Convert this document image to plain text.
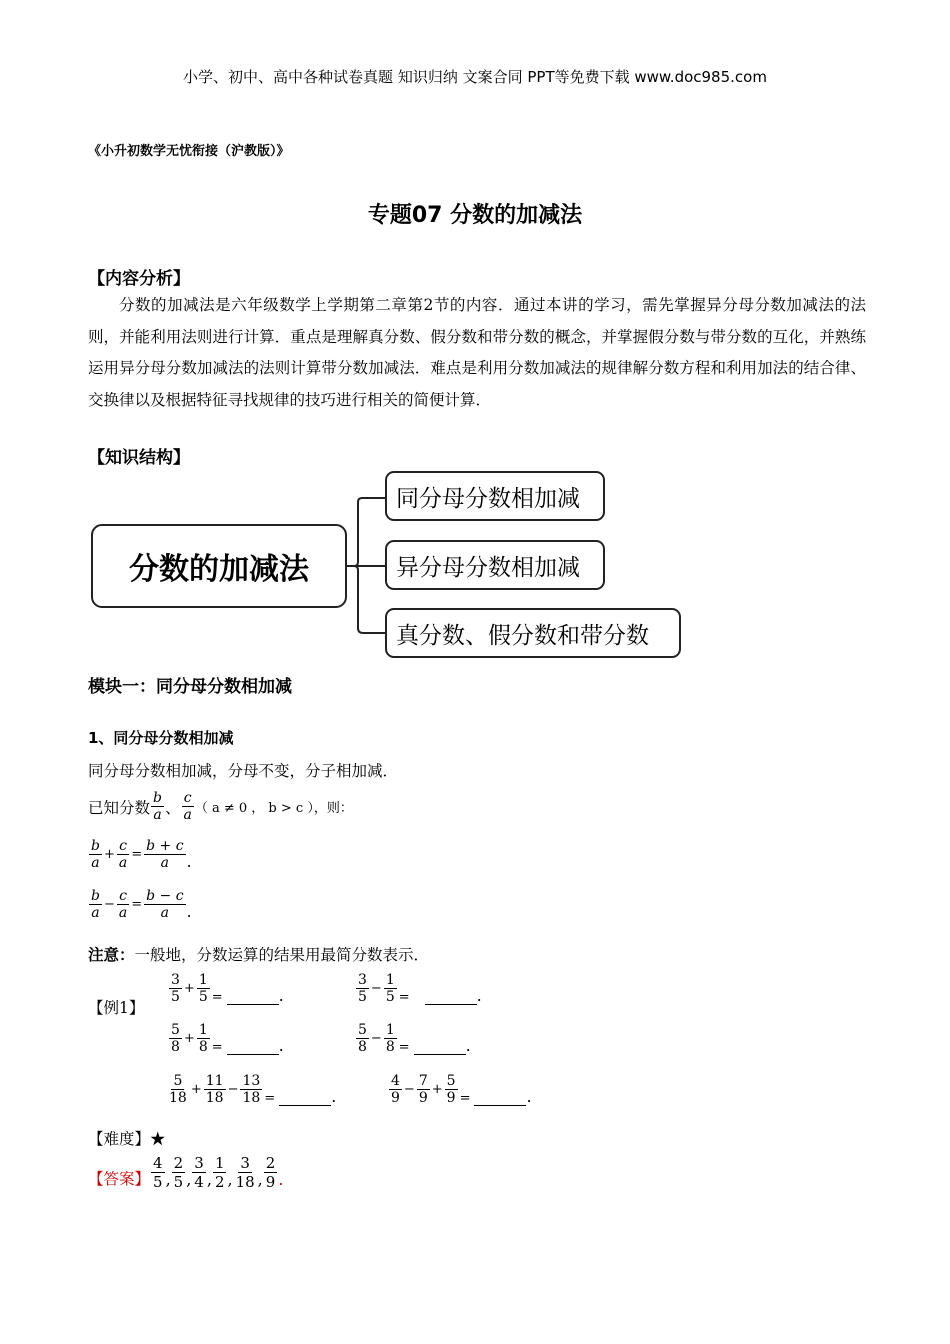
小学、初中、高中各种试卷真题 知识归纳 文案合同 PPT等免费下载 www.doc985.com
《小升初数学无忧衔接（沪教版）》
专题07 分数的加减法
【内容分析】
分数的加减法是六年级数学上学期第二章第2节的内容．通过本讲的学习，需先掌握异分母分数加减法的法则，并能利用法则进行计算．重点是理解真分数、假分数和带分数的概念，并掌握假分数与带分数的互化，并熟练运用异分母分数加减法的法则计算带分数加减法．难点是利用分数加减法的规律解分数方程和利用加法的结合律、交换律以及根据特征寻找规律的技巧进行相关的简便计算．
【知识结构】
分数的加减法
同分母分数相加减
异分母分数相加减
真分数、假分数和带分数
模块一：同分母分数相加减
1、同分母分数相加减
同分母分数相加减，分母不变，分子相加减．
已知分数
b
a 、
c
a （ a ≠ 0 ， b > c ），则：
b
a
+ $\frac{c}{a} = \frac{b + c}{a}$ .
b
a
− $\frac{c}{a} = \frac{b - c}{a}$ .
注意：一般地，分数运算的结果用最简分数表示．
【例1】
3
5
+ $\frac{1}{5}$ =	.
3
5
− $\frac{1}{5}$ =	.
5
8
+ $\frac{1}{8}$ =	.
5
8
− $\frac{1}{8}$ =	.
5
18
+ $\frac{11}{18} - \frac{13}{18}$ =	.
4
9
− $\frac{7}{9} + \frac{5}{9}$ =	.
【难度】★
【答案】
4
5 ,
2
5 ,
3
4 ,
1
2 ,
3
18 ,
2
9 .
